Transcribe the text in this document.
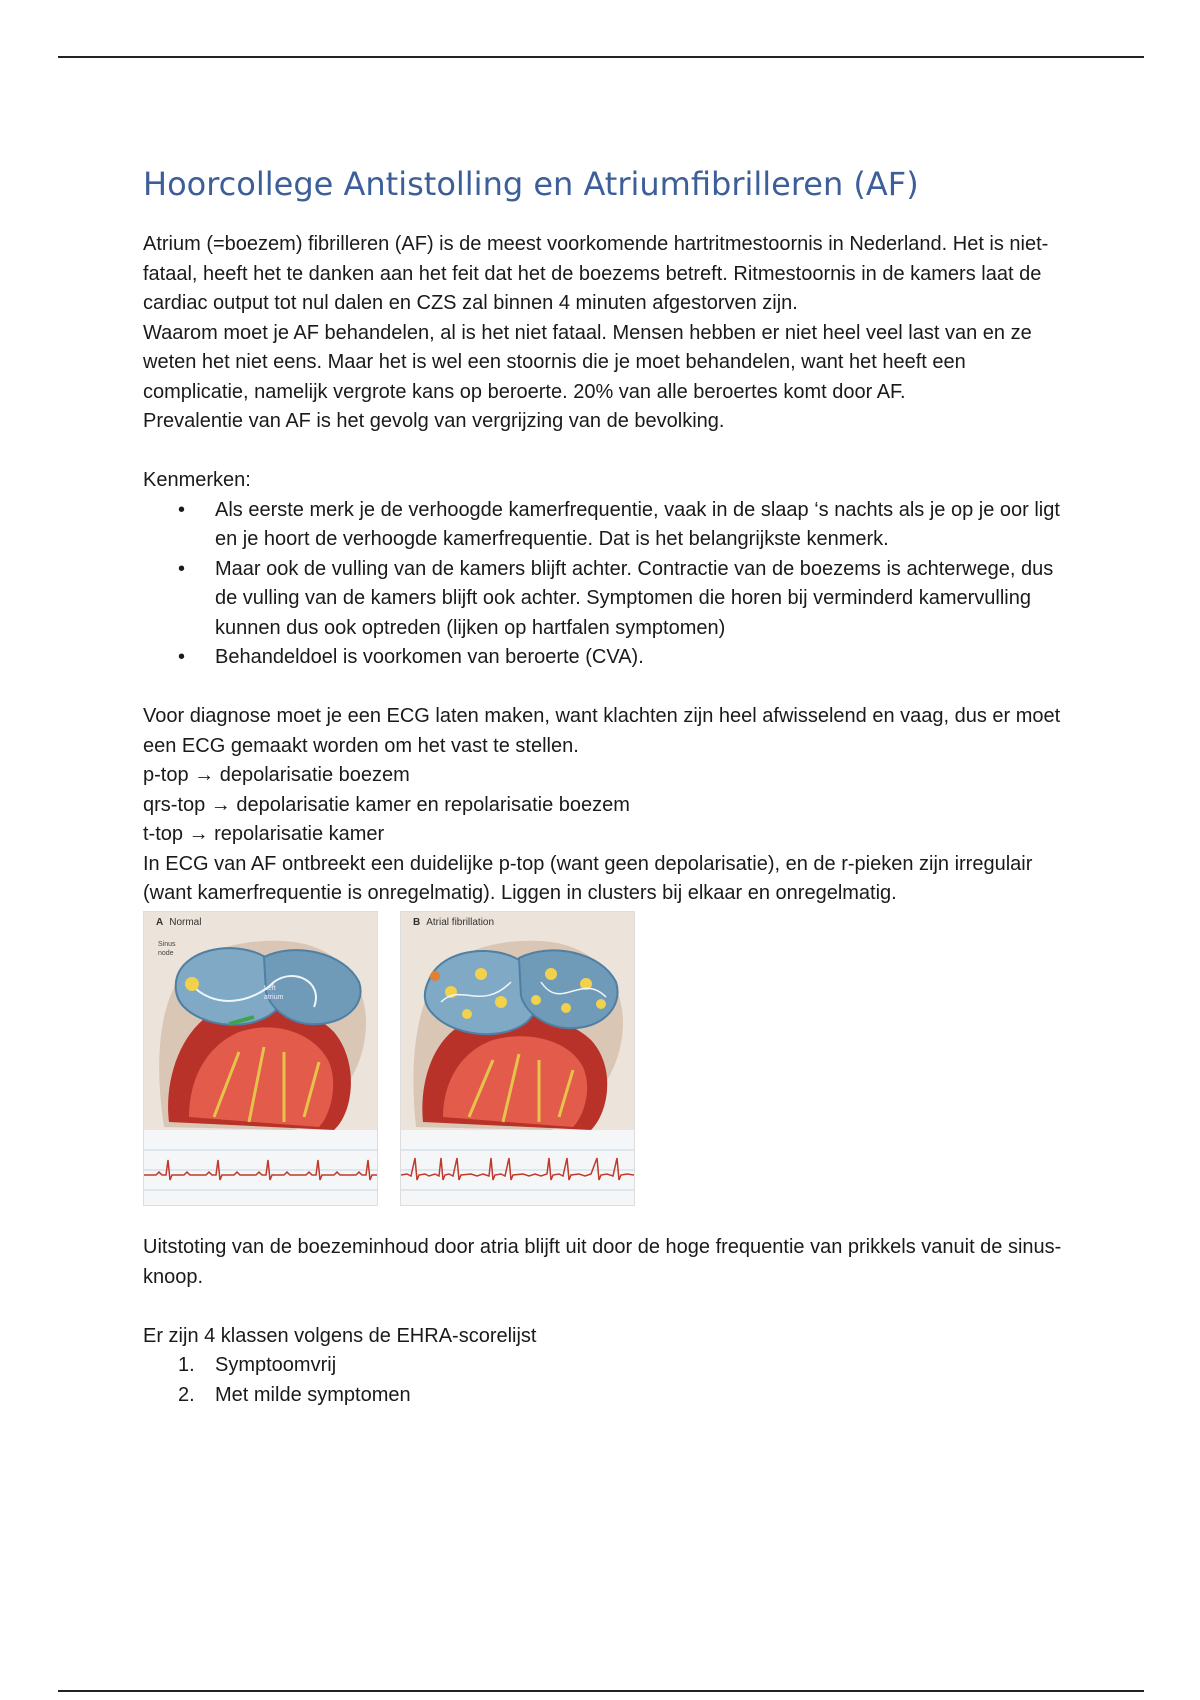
Hoorcollege Antistolling en Atriumfibrilleren (AF)

Atrium (=boezem) fibrilleren (AF) is de meest voorkomende hartritmestoornis in Nederland. Het is niet-fataal, heeft het te danken aan het feit dat het de boezems betreft. Ritmestoornis in de kamers laat de cardiac output tot nul dalen en CZS zal binnen 4 minuten afgestorven zijn.

Waarom moet je AF behandelen, al is het niet fataal. Mensen hebben er niet heel veel last van en ze weten het niet eens. Maar het is wel een stoornis die je moet behandelen, want het heeft een complicatie, namelijk vergrote kans op beroerte. 20% van alle beroertes komt door AF.

Prevalentie van AF is het gevolg van vergrijzing van de bevolking.

Kenmerken:

• Als eerste merk je de verhoogde kamerfrequentie, vaak in de slaap ‘s nachts als je op je oor ligt en je hoort de verhoogde kamerfrequentie. Dat is het belangrijkste kenmerk.
• Maar ook de vulling van de kamers blijft achter. Contractie van de boezems is achterwege, dus de vulling van de kamers blijft ook achter. Symptomen die horen bij verminderd kamervulling kunnen dus ook optreden (lijken op hartfalen symptomen)
• Behandeldoel is voorkomen van beroerte (CVA).

Voor diagnose moet je een ECG laten maken, want klachten zijn heel afwisselend en vaag, dus er moet een ECG gemaakt worden om het vast te stellen.

p-top → depolarisatie boezem

qrs-top → depolarisatie kamer en repolarisatie boezem

t-top → repolarisatie kamer

In ECG van AF ontbreekt een duidelijke p-top (want geen depolarisatie), en de r-pieken zijn irregulair (want kamerfrequentie is onregelmatig). Liggen in clusters bij elkaar en onregelmatig.

A Normal
Sinus node
Left atrium
B Atrial fibrillation

Uitstoting van de boezeminhoud door atria blijft uit door de hoge frequentie van prikkels vanuit de sinus-knoop.

Er zijn 4 klassen volgens de EHRA-scorelijst

1. Symptoomvrij
2. Met milde symptomen
